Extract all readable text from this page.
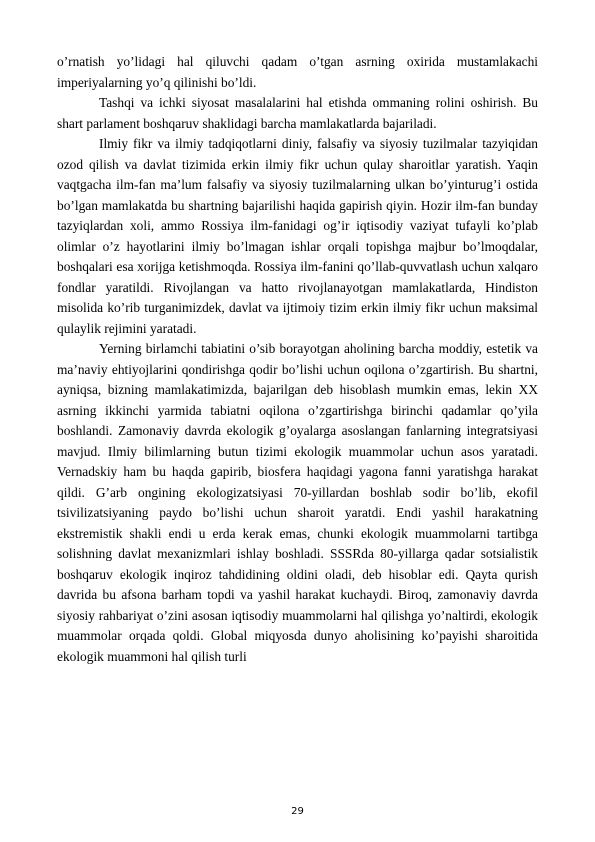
o’rnatish yo’lidagi hal qiluvchi qadam o’tgan asrning oxirida mustamlakachi imperiyalarning yo’q qilinishi bo’ldi.

Tashqi va ichki siyosat masalalarini hal etishda ommaning rolini oshirish. Bu shart parlament boshqaruv shaklidagi barcha mamlakatlarda bajariladi.

Ilmiy fikr va ilmiy tadqiqotlarni diniy, falsafiy va siyosiy tuzilmalar tazyiqidan ozod qilish va davlat tizimida erkin ilmiy fikr uchun qulay sharoitlar yaratish. Yaqin vaqtgacha ilm-fan ma’lum falsafiy va siyosiy tuzilmalarning ulkan bo’yinturug’i ostida bo’lgan mamlakatda bu shartning bajarilishi haqida gapirish qiyin. Hozir ilm-fan bunday tazyiqlardan xoli, ammo Rossiya ilm-fanidagi og’ir iqtisodiy vaziyat tufayli ko’plab olimlar o’z hayotlarini ilmiy bo’lmagan ishlar orqali topishga majbur bo’lmoqdalar, boshqalari esa xorijga ketishmoqda. Rossiya ilm-fanini qo’llab-quvvatlash uchun xalqaro fondlar yaratildi. Rivojlangan va hatto rivojlanayotgan mamlakatlarda, Hindiston misolida ko’rib turganimizdek, davlat va ijtimoiy tizim erkin ilmiy fikr uchun maksimal qulaylik rejimini yaratadi.

Yerning birlamchi tabiatini o’sib borayotgan aholining barcha moddiy, estetik va ma’naviy ehtiyojlarini qondirishga qodir bo’lishi uchun oqilona o’zgartirish. Bu shartni, ayniqsa, bizning mamlakatimizda, bajarilgan deb hisoblash mumkin emas, lekin XX asrning ikkinchi yarmida tabiatni oqilona o’zgartirishga birinchi qadamlar qo’yila boshlandi. Zamonaviy davrda ekologik g’oyalarga asoslangan fanlarning integratsiyasi mavjud. Ilmiy bilimlarning butun tizimi ekologik muammolar uchun asos yaratadi. Vernadskiy ham bu haqda gapirib, biosfera haqidagi yagona fanni yaratishga harakat qildi. G’arb ongining ekologizatsiyasi 70-yillardan boshlab sodir bo’lib, ekofil tsivilizatsiyaning paydo bo’lishi uchun sharoit yaratdi. Endi yashil harakatning ekstremistik shakli endi u erda kerak emas, chunki ekologik muammolarni tartibga solishning davlat mexanizmlari ishlay boshladi. SSSRda 80-yillarga qadar sotsialistik boshqaruv ekologik inqiroz tahdidining oldini oladi, deb hisoblar edi. Qayta qurish davrida bu afsona barham topdi va yashil harakat kuchaydi. Biroq, zamonaviy davrda siyosiy rahbariyat o’zini asosan iqtisodiy muammolarni hal qilishga yo’naltirdi, ekologik muammolar orqada qoldi. Global miqyosda dunyo aholisining ko’payishi sharoitida ekologik muammoni hal qilish turli

29
